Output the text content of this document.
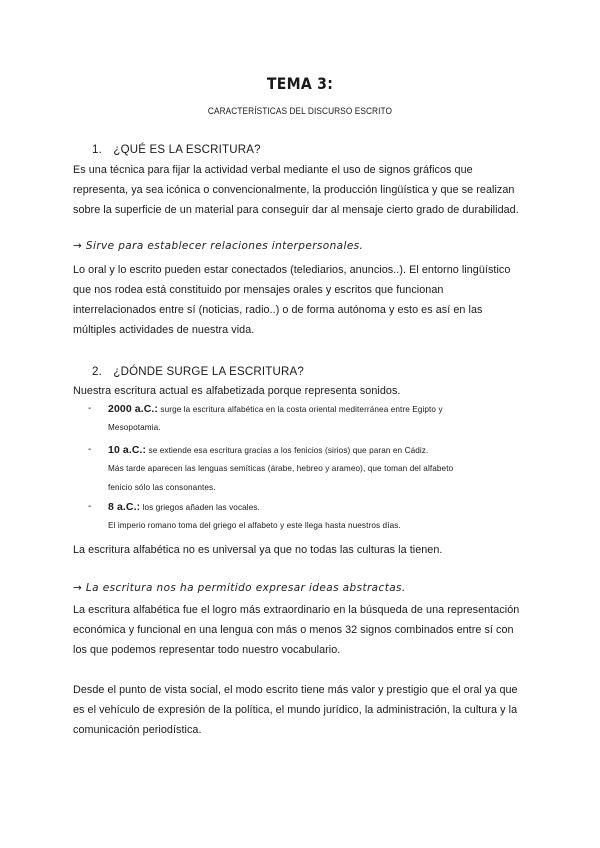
TEMA 3:
CARACTERÍSTICAS DEL DISCURSO ESCRITO
1. ¿QUÉ ES LA ESCRITURA?
Es una técnica para fijar la actividad verbal mediante el uso de signos gráficos que
representa, ya sea icónica o convencionalmente, la producción lingüística y que se realizan
sobre la superficie de un material para conseguir dar al mensaje cierto grado de durabilidad.
→ Sirve para establecer relaciones interpersonales.
Lo oral y lo escrito pueden estar conectados (telediarios, anuncios..). El entorno lingüístico
que nos rodea está constituido por mensajes orales y escritos que funcionan
interrelacionados entre sí (noticias, radio..) o de forma autónoma y esto es así en las
múltiples actividades de nuestra vida.
2. ¿DÓNDE SURGE LA ESCRITURA?
Nuestra escritura actual es alfabetizada porque representa sonidos.
- 2000 a.C.: surge la escritura alfabética en la costa oriental mediterránea entre Egipto y
Mesopotamia.
- 10 a.C.: se extiende esa escritura gracias a los fenicios (sirios) que paran en Cádiz.
Más tarde aparecen las lenguas semíticas (árabe, hebreo y arameo), que toman del alfabeto
fenicio sólo las consonantes.
- 8 a.C.: los griegos añaden las vocales.
El imperio romano toma del griego el alfabeto y este llega hasta nuestros días.
La escritura alfabética no es universal ya que no todas las culturas la tienen.
→ La escritura nos ha permitido expresar ideas abstractas.
La escritura alfabética fue el logro más extraordinario en la búsqueda de una representación
económica y funcional en una lengua con más o menos 32 signos combinados entre sí con
los que podemos representar todo nuestro vocabulario.
Desde el punto de vista social, el modo escrito tiene más valor y prestigio que el oral ya que
es el vehículo de expresión de la política, el mundo jurídico, la administración, la cultura y la
comunicación periodística.
